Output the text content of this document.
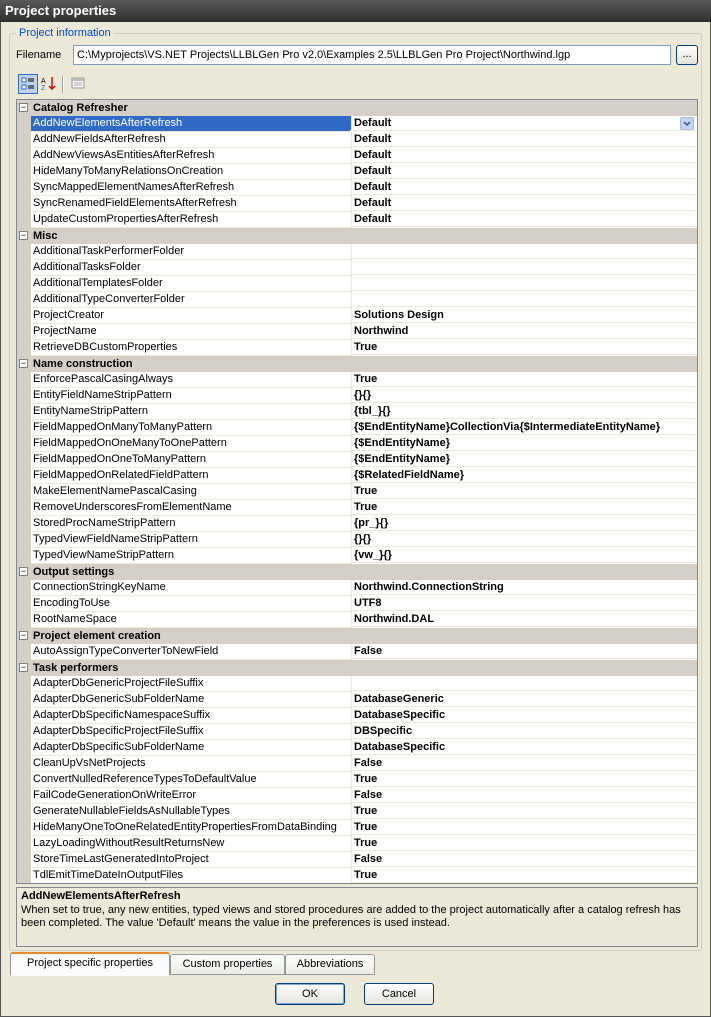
Project properties
Project information
Filename	C:\Myprojects\VS.NET Projects\LLBLGen Pro v2.0\Examples 2.5\LLBLGen Pro Project\Northwind.lgp	...
A
Z
− Catalog Refresher
AddNewElementsAfterRefresh	Default
AddNewFieldsAfterRefresh	Default
AddNewViewsAsEntitiesAfterRefresh	Default
HideManyToManyRelationsOnCreation	Default
SyncMappedElementNamesAfterRefresh	Default
SyncRenamedFieldElementsAfterRefresh	Default
UpdateCustomPropertiesAfterRefresh	Default
− Misc
AdditionalTaskPerformerFolder
AdditionalTasksFolder
AdditionalTemplatesFolder
AdditionalTypeConverterFolder
ProjectCreator	Solutions Design
ProjectName	Northwind
RetrieveDBCustomProperties	True
− Name construction
EnforcePascalCasingAlways	True
EntityFieldNameStripPattern	{}{}
EntityNameStripPattern	{tbl_}{}
FieldMappedOnManyToManyPattern	{$EndEntityName}CollectionVia{$IntermediateEntityName}
FieldMappedOnOneManyToOnePattern	{$EndEntityName}
FieldMappedOnOneToManyPattern	{$EndEntityName}
FieldMappedOnRelatedFieldPattern	{$RelatedFieldName}
MakeElementNamePascalCasing	True
RemoveUnderscoresFromElementName	True
StoredProcNameStripPattern	{pr_}{}
TypedViewFieldNameStripPattern	{}{}
TypedViewNameStripPattern	{vw_}{}
− Output settings
ConnectionStringKeyName	Northwind.ConnectionString
EncodingToUse	UTF8
RootNameSpace	Northwind.DAL
− Project element creation
AutoAssignTypeConverterToNewField	False
− Task performers
AdapterDbGenericProjectFileSuffix
AdapterDbGenericSubFolderName	DatabaseGeneric
AdapterDbSpecificNamespaceSuffix	DatabaseSpecific
AdapterDbSpecificProjectFileSuffix	DBSpecific
AdapterDbSpecificSubFolderName	DatabaseSpecific
CleanUpVsNetProjects	False
ConvertNulledReferenceTypesToDefaultValue	True
FailCodeGenerationOnWriteError	False
GenerateNullableFieldsAsNullableTypes	True
HideManyOneToOneRelatedEntityPropertiesFromDataBinding	True
LazyLoadingWithoutResultReturnsNew	True
StoreTimeLastGeneratedIntoProject	False
TdlEmitTimeDateInOutputFiles	True
AddNewElementsAfterRefresh
When set to true, any new entities, typed views and stored procedures are added to the project automatically after a catalog refresh has been completed. The value 'Default' means the value in the preferences is used instead.
Project specific properties	Custom properties	Abbreviations
OK	Cancel
